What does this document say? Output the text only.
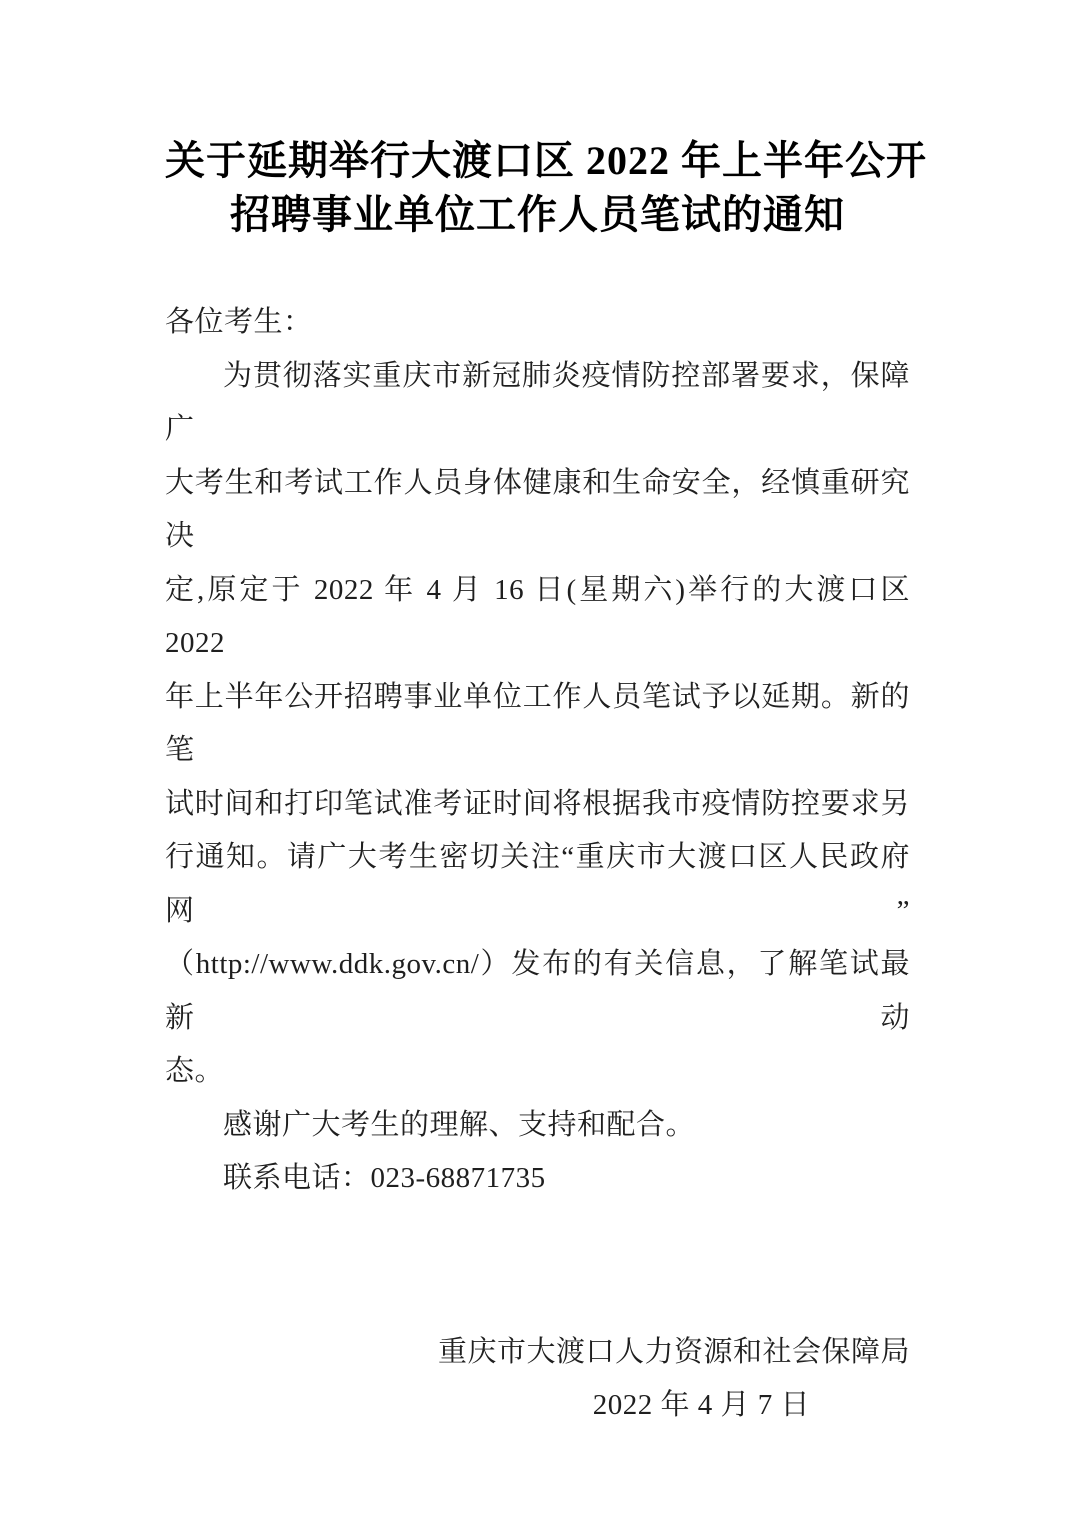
关于延期举行大渡口区 2022 年上半年公开
招聘事业单位工作人员笔试的通知

各位考生：

为贯彻落实重庆市新冠肺炎疫情防控部署要求，保障广
大考生和考试工作人员身体健康和生命安全，经慎重研究决
定,原定于 2022 年 4 月 16 日(星期六)举行的大渡口区 2022
年上半年公开招聘事业单位工作人员笔试予以延期。新的笔
试时间和打印笔试准考证时间将根据我市疫情防控要求另
行通知。请广大考生密切关注“重庆市大渡口区人民政府网”
（http://www.ddk.gov.cn/）发布的有关信息，了解笔试最新动
态。
感谢广大考生的理解、支持和配合。
联系电话：023-68871735

重庆市大渡口人力资源和社会保障局

2022 年 4 月 7 日
